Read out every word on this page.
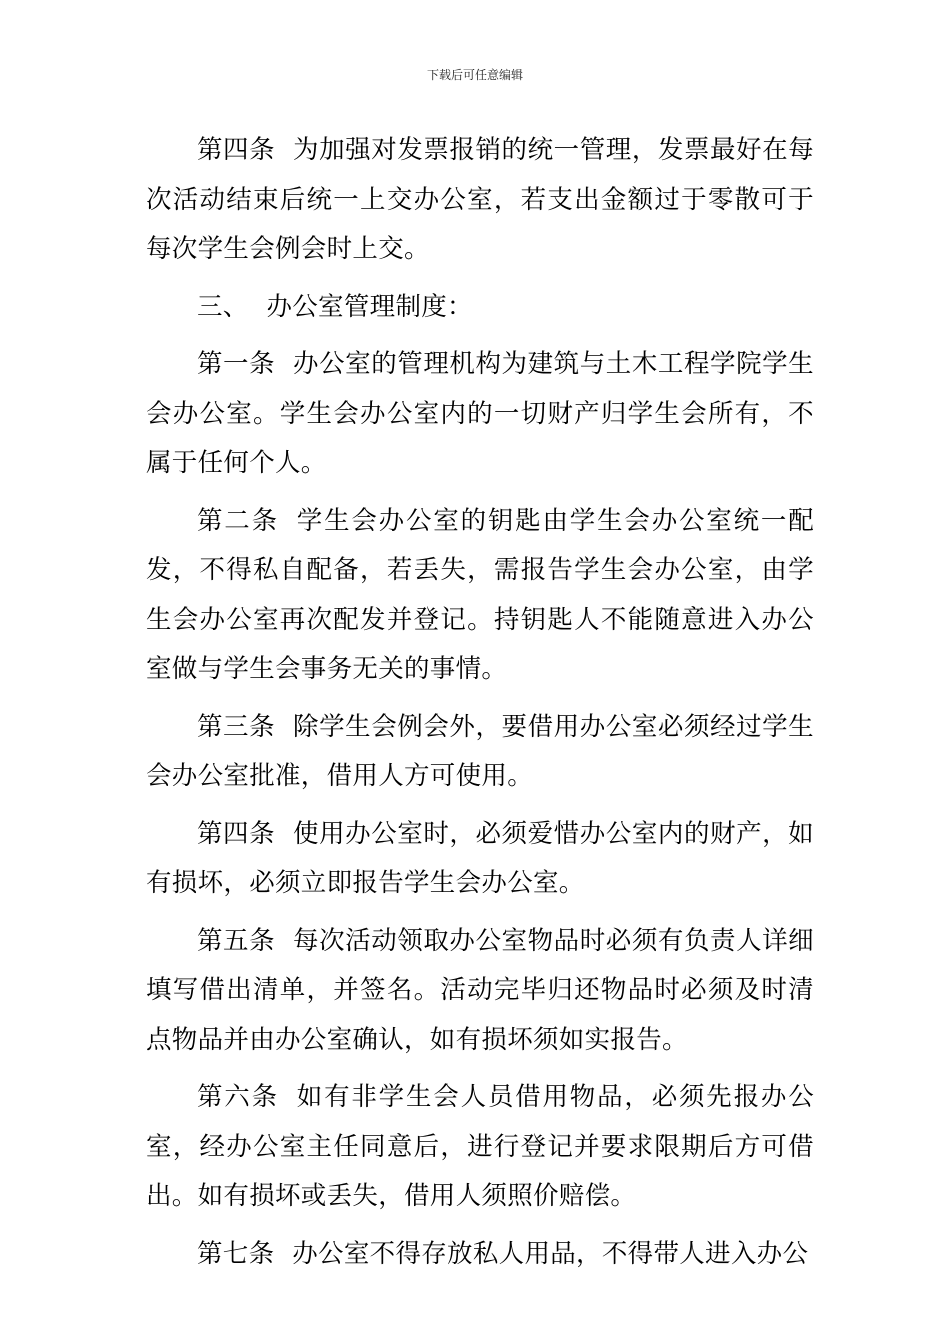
下载后可任意编辑

第四条 为加强对发票报销的统一管理，发票最好在每次活动结束后统一上交办公室，若支出金额过于零散可于每次学生会例会时上交。

三、 办公室管理制度：

第一条 办公室的管理机构为建筑与土木工程学院学生会办公室。学生会办公室内的一切财产归学生会所有，不属于任何个人。

第二条 学生会办公室的钥匙由学生会办公室统一配发，不得私自配备，若丢失，需报告学生会办公室，由学生会办公室再次配发并登记。持钥匙人不能随意进入办公室做与学生会事务无关的事情。

第三条 除学生会例会外，要借用办公室必须经过学生会办公室批准，借用人方可使用。

第四条 使用办公室时，必须爱惜办公室内的财产，如有损坏，必须立即报告学生会办公室。

第五条 每次活动领取办公室物品时必须有负责人详细填写借出清单，并签名。活动完毕归还物品时必须及时清点物品并由办公室确认，如有损坏须如实报告。

第六条 如有非学生会人员借用物品，必须先报办公室，经办公室主任同意后，进行登记并要求限期后方可借出。如有损坏或丢失，借用人须照价赔偿。

第七条 办公室不得存放私人用品，不得带人进入办公
